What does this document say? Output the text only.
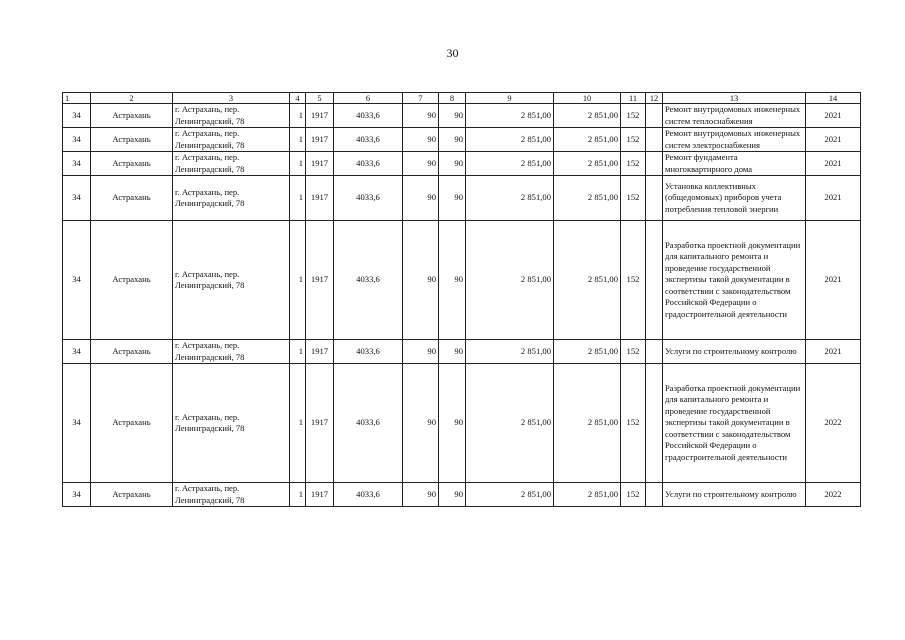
30
1	2	3	4	5	6	7	8	9	10	11	12	13	14
34	Астрахань	г. Астрахань, пер. Ленинградский, 78	1	1917	4033,6	90	90	2 851,00	2 851,00	152		Ремонт внутридомовых инженерных систем теплоснабжения	2021
34	Астрахань	г. Астрахань, пер. Ленинградский, 78	1	1917	4033,6	90	90	2 851,00	2 851,00	152		Ремонт внутридомовых инженерных систем электроснабжения	2021
34	Астрахань	г. Астрахань, пер. Ленинградский, 78	1	1917	4033,6	90	90	2 851,00	2 851,00	152		Ремонт фундамента многоквартирного дома	2021
34	Астрахань	г. Астрахань, пер. Ленинградский, 78	1	1917	4033,6	90	90	2 851,00	2 851,00	152		Установка коллективных (общедомовых) приборов учета потребления тепловой энергии	2021
34	Астрахань	г. Астрахань, пер. Ленинградский, 78	1	1917	4033,6	90	90	2 851,00	2 851,00	152		Разработка проектной документации для капитального ремонта и проведение государственной экспертизы такой документации в соответствии с законодательством Российской Федерации о градостроительной деятельности	2021
34	Астрахань	г. Астрахань, пер. Ленинградский, 78	1	1917	4033,6	90	90	2 851,00	2 851,00	152		Услуги по строительному контролю	2021
34	Астрахань	г. Астрахань, пер. Ленинградский, 78	1	1917	4033,6	90	90	2 851,00	2 851,00	152		Разработка проектной документации для капитального ремонта и проведение государственной экспертизы такой документации в соответствии с законодательством Российской Федерации о градостроительной деятельности	2022
34	Астрахань	г. Астрахань, пер. Ленинградский, 78	1	1917	4033,6	90	90	2 851,00	2 851,00	152		Услуги по строительному контролю	2022
